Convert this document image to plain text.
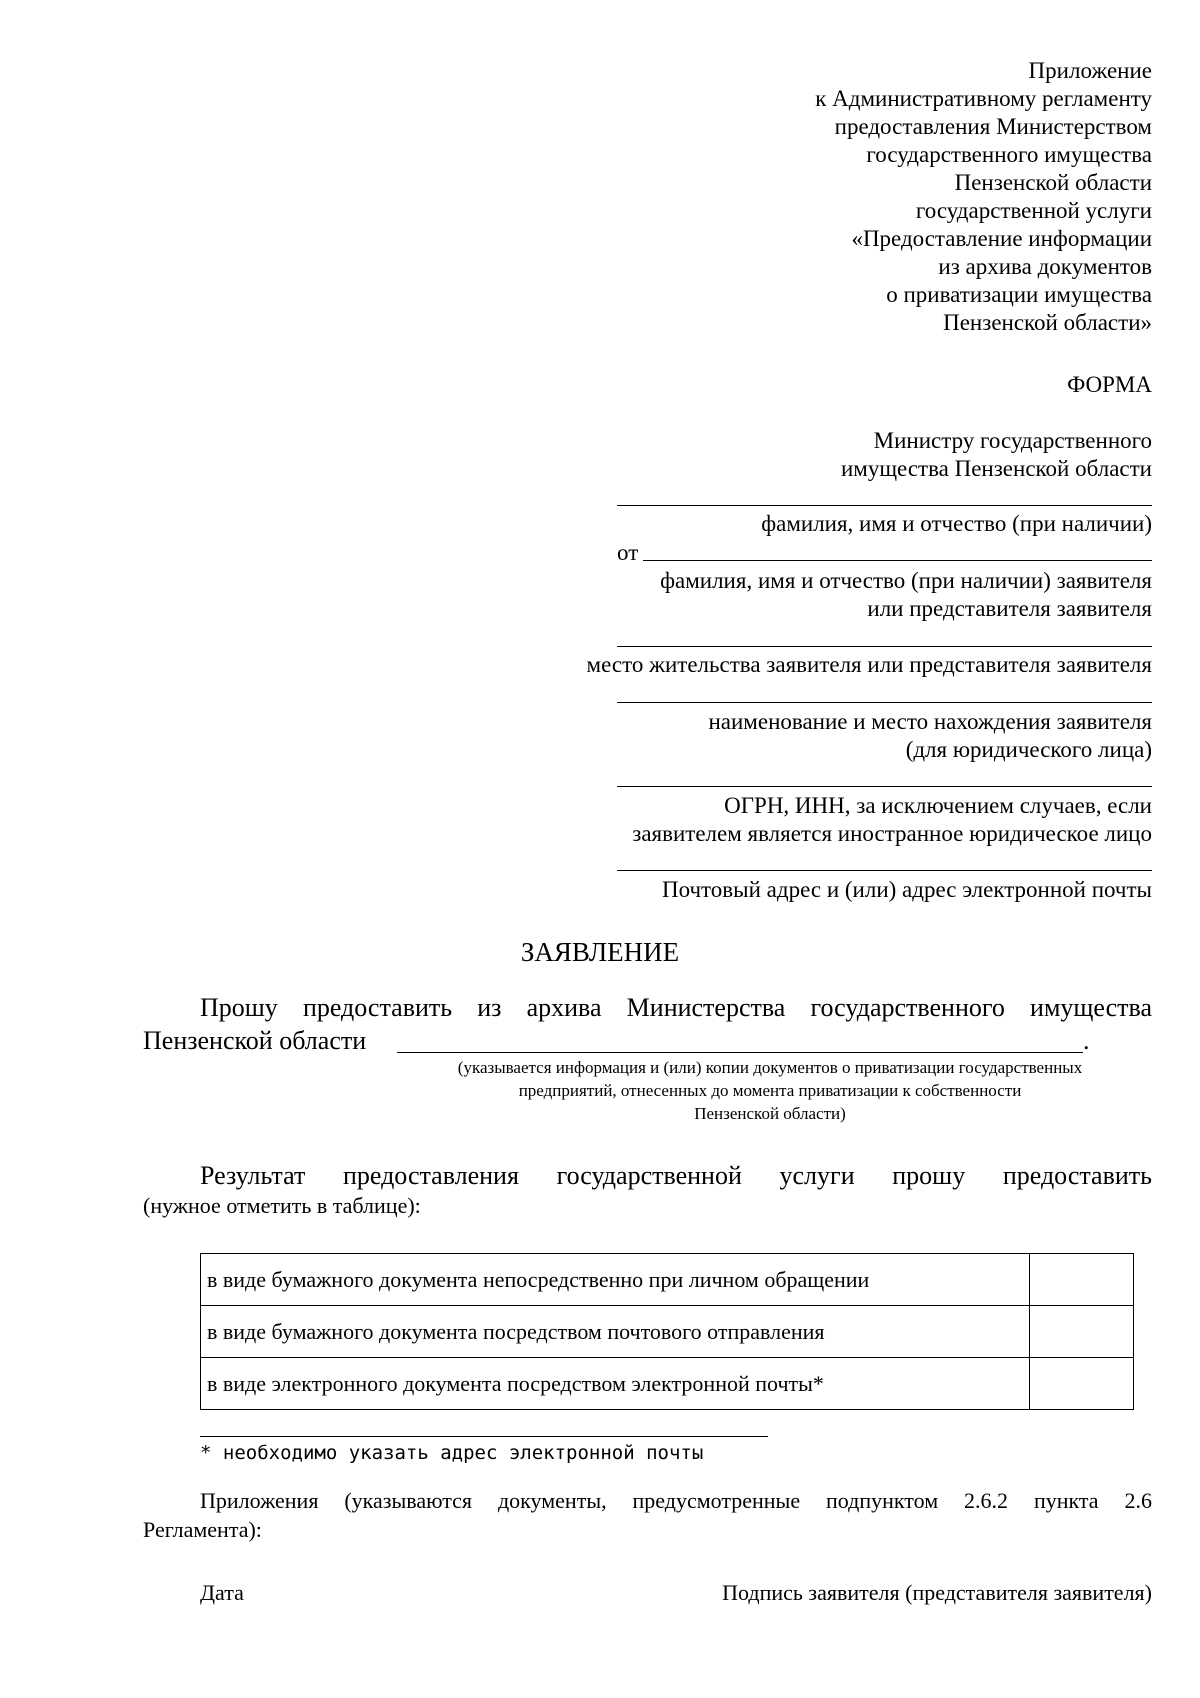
Приложение
к Административному регламенту
предоставления Министерством
государственного имущества
Пензенской области
государственной услуги
«Предоставление информации
из архива документов
о приватизации имущества
Пензенской области»
ФОРМА
Министру государственного
имущества Пензенской области
фамилия, имя и отчество (при наличии)
от
фамилия, имя и отчество (при наличии) заявителя
или представителя заявителя
место жительства заявителя или представителя заявителя
наименование и место нахождения заявителя
(для юридического лица)
ОГРН, ИНН, за исключением случаев, если
заявителем является иностранное юридическое лицо
Почтовый адрес и (или) адрес электронной почты
ЗАЯВЛЕНИЕ
Прошу предоставить из архива Министерства государственного имущества
Пензенской области	.
(указывается информация и (или) копии документов о приватизации государственных
предприятий, отнесенных до момента приватизации к собственности
Пензенской области)
Результат предоставления государственной услуги прошу предоставить
(нужное отметить в таблице):
в виде бумажного документа непосредственно при личном обращении	
в виде бумажного документа посредством почтового отправления	
в виде электронного документа посредством электронной почты*	
* необходимо указать адрес электронной почты
Приложения (указываются документы, предусмотренные подпунктом 2.6.2 пункта 2.6
Регламента):
Дата	Подпись заявителя (представителя заявителя)
